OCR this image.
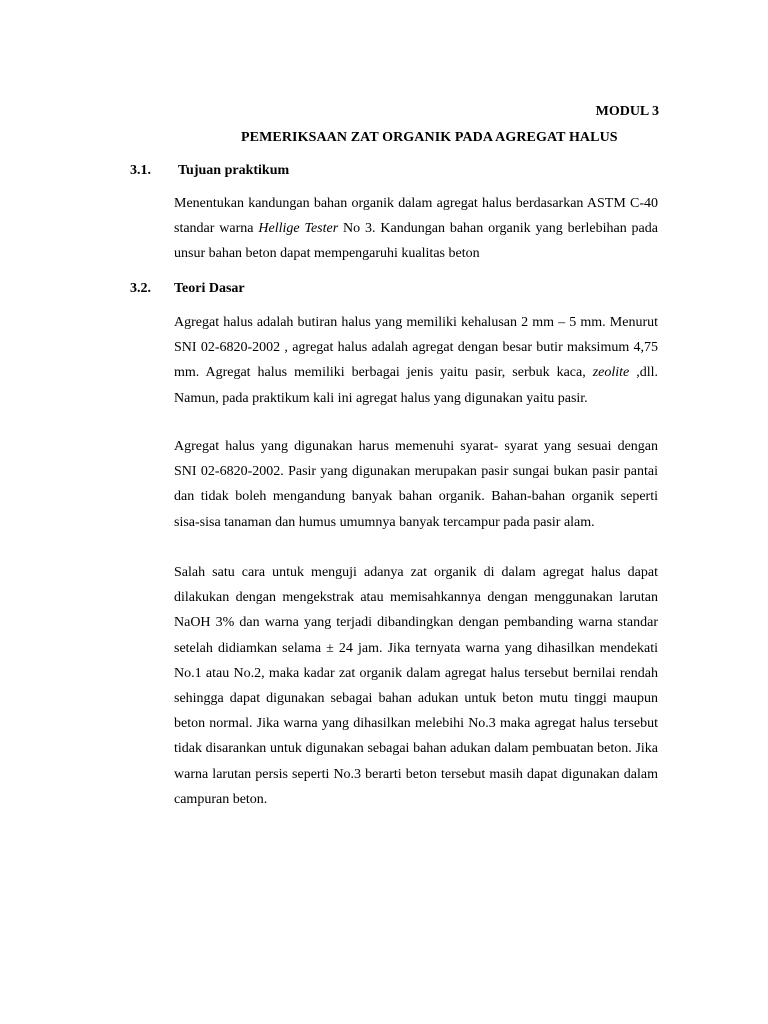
MODUL 3
PEMERIKSAAN ZAT ORGANIK PADA AGREGAT HALUS
3.1. Tujuan praktikum

Menentukan kandungan bahan organik dalam agregat halus berdasarkan ASTM C-40 standar warna Hellige Tester No 3. Kandungan bahan organik yang berlebihan pada unsur bahan beton dapat mempengaruhi kualitas beton

3.2. Teori Dasar

Agregat halus adalah butiran halus yang memiliki kehalusan 2 mm – 5 mm. Menurut SNI 02-6820-2002 , agregat halus adalah agregat dengan besar butir maksimum 4,75 mm. Agregat halus memiliki berbagai jenis yaitu pasir, serbuk kaca, zeolite ,dll. Namun, pada praktikum kali ini agregat halus yang digunakan yaitu pasir.

Agregat halus yang digunakan harus memenuhi syarat- syarat yang sesuai dengan SNI 02-6820-2002. Pasir yang digunakan merupakan pasir sungai bukan pasir pantai dan tidak boleh mengandung banyak bahan organik. Bahan-bahan organik seperti sisa-sisa tanaman dan humus umumnya banyak tercampur pada pasir alam.

Salah satu cara untuk menguji adanya zat organik di dalam agregat halus dapat dilakukan dengan mengekstrak atau memisahkannya dengan menggunakan larutan NaOH 3% dan warna yang terjadi dibandingkan dengan pembanding warna standar setelah didiamkan selama ± 24 jam. Jika ternyata warna yang dihasilkan mendekati No.1 atau No.2, maka kadar zat organik dalam agregat halus tersebut bernilai rendah sehingga dapat digunakan sebagai bahan adukan untuk beton mutu tinggi maupun beton normal. Jika warna yang dihasilkan melebihi No.3 maka agregat halus tersebut tidak disarankan untuk digunakan sebagai bahan adukan dalam pembuatan beton. Jika warna larutan persis seperti No.3 berarti beton tersebut masih dapat digunakan dalam campuran beton.
